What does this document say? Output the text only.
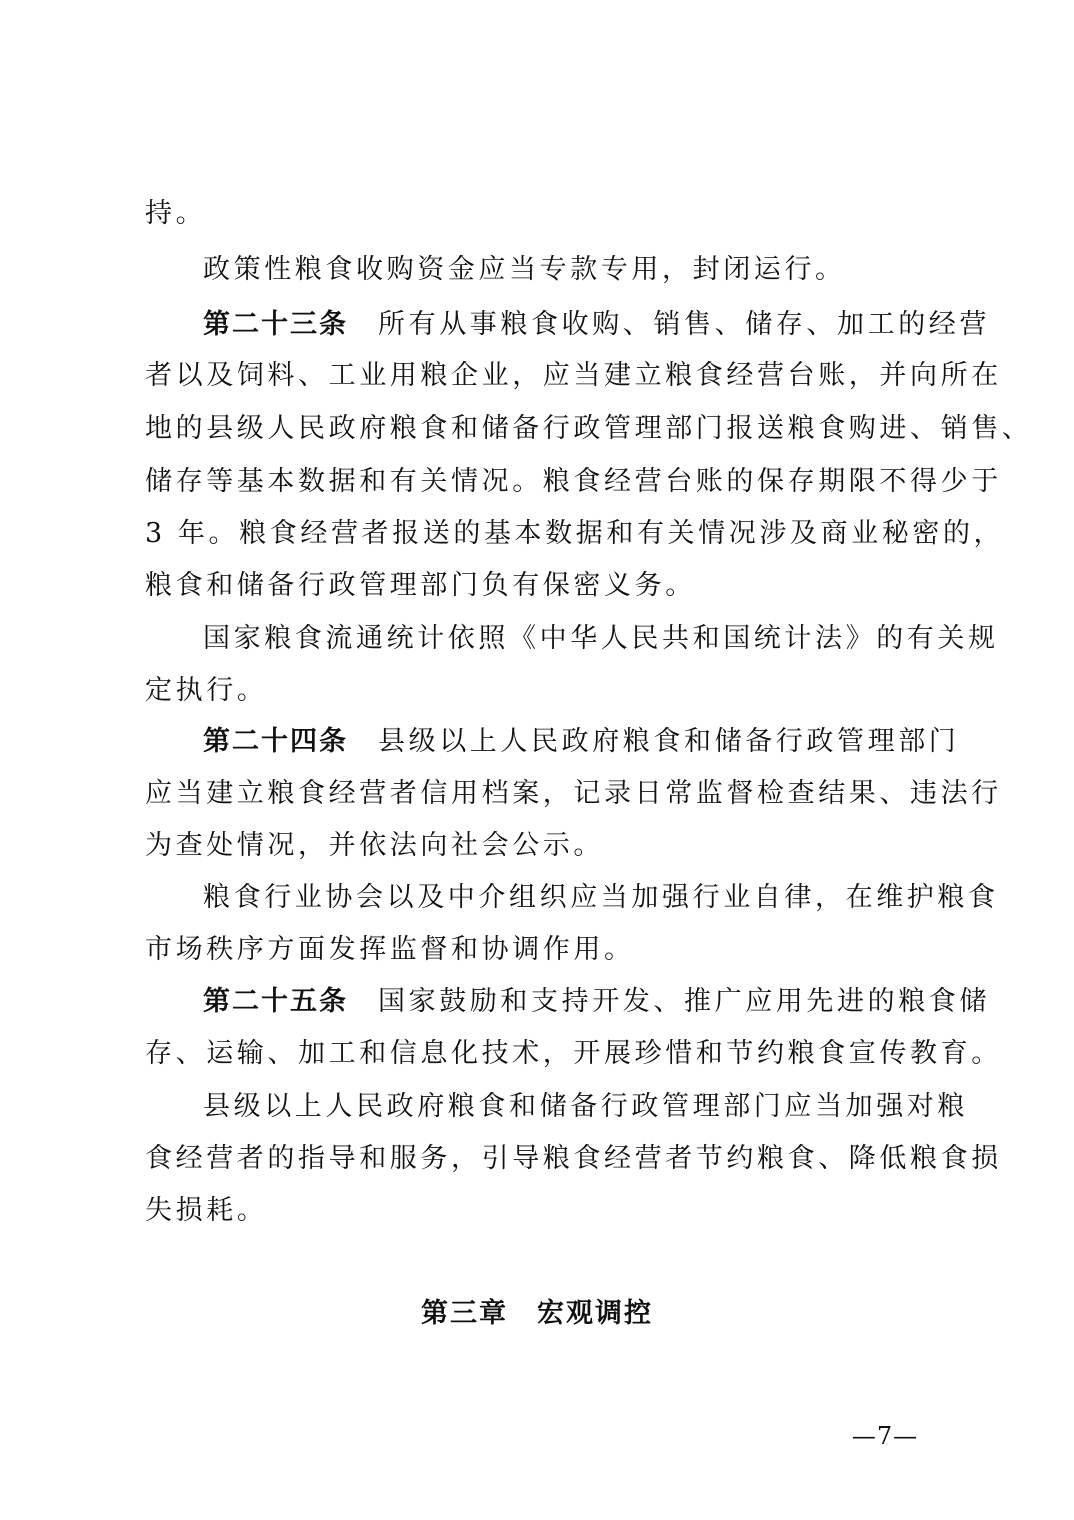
持。
政策性粮食收购资金应当专款专用，封闭运行。
第二十三条 所有从事粮食收购、销售、储存、加工的经营
者以及饲料、工业用粮企业，应当建立粮食经营台账，并向所在
地的县级人民政府粮食和储备行政管理部门报送粮食购进、销售、
储存等基本数据和有关情况。粮食经营台账的保存期限不得少于
3 年。粮食经营者报送的基本数据和有关情况涉及商业秘密的，
粮食和储备行政管理部门负有保密义务。
国家粮食流通统计依照《中华人民共和国统计法》的有关规
定执行。
第二十四条 县级以上人民政府粮食和储备行政管理部门
应当建立粮食经营者信用档案，记录日常监督检查结果、违法行
为查处情况，并依法向社会公示。
粮食行业协会以及中介组织应当加强行业自律，在维护粮食
市场秩序方面发挥监督和协调作用。
第二十五条 国家鼓励和支持开发、推广应用先进的粮食储
存、运输、加工和信息化技术，开展珍惜和节约粮食宣传教育。
县级以上人民政府粮食和储备行政管理部门应当加强对粮
食经营者的指导和服务，引导粮食经营者节约粮食、降低粮食损
失损耗。
第三章　宏观调控
—7—
